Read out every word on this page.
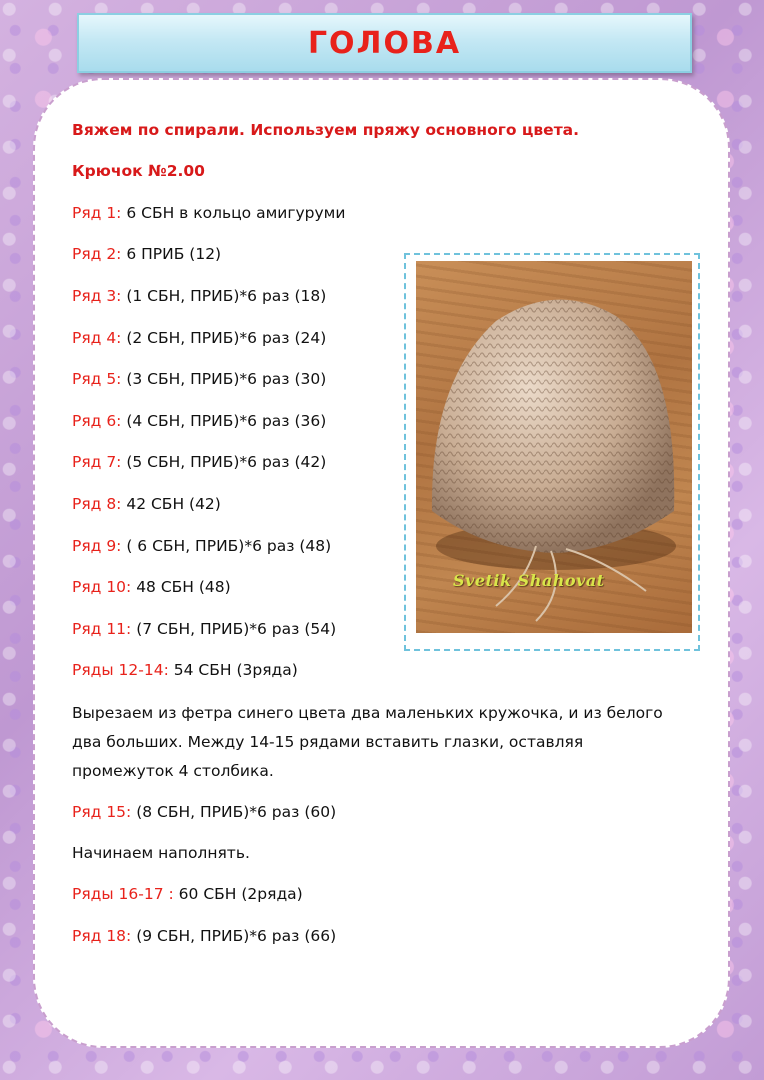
ГОЛОВА
Вяжем по спирали. Используем пряжу основного цвета.
Крючок №2.00
Ряд 1: 6 СБН в кольцо амигуруми
Ряд 2: 6 ПРИБ (12)
Ряд 3: (1 СБН, ПРИБ)*6 раз (18)
Ряд 4: (2 СБН, ПРИБ)*6 раз (24)
Ряд 5: (3 СБН, ПРИБ)*6 раз (30)
Ряд 6: (4 СБН, ПРИБ)*6 раз (36)
Ряд 7: (5 СБН, ПРИБ)*6 раз (42)
Ряд 8: 42 СБН (42)
Ряд 9: ( 6 СБН, ПРИБ)*6 раз (48)
Ряд 10: 48 СБН (48)
Ряд 11: (7 СБН, ПРИБ)*6 раз (54)
Ряды 12-14: 54 СБН (3ряда)
Вырезаем из фетра синего цвета два маленьких кружочка, и из белого два больших. Между 14-15 рядами вставить глазки, оставляя промежуток 4 столбика.
Ряд 15: (8 СБН, ПРИБ)*6 раз (60)
Начинаем наполнять.
Ряды 16-17 : 60 СБН (2ряда)
Ряд 18: (9 СБН, ПРИБ)*6 раз (66)
Svetik Shahovat
